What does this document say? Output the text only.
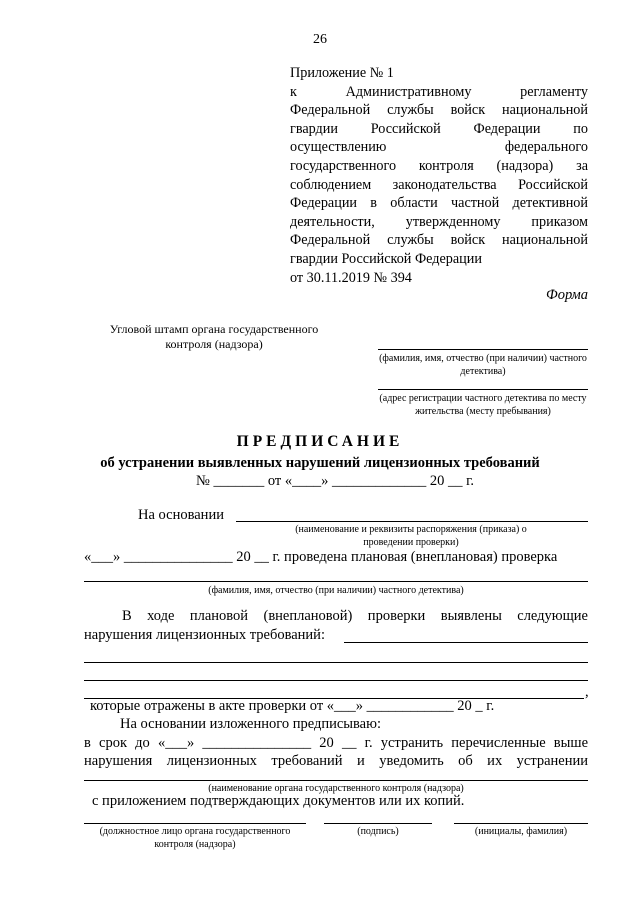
26
Приложение № 1
к Административному регламенту
Федеральной службы войск национальной
гвардии Российской Федерации по
осуществлению федерального
государственного контроля (надзора) за
соблюдением законодательства Российской
Федерации в области частной детективной
деятельности, утвержденному приказом
Федеральной службы войск национальной
гвардии Российской Федерации
от 30.11.2019 № 394
Форма
Угловой штамп органа государственного контроля (надзора)
(фамилия, имя, отчество (при наличии) частного детектива)
(адрес регистрации частного детектива по месту жительства (месту пребывания)
ПРЕДПИСАНИЕ
об устранении выявленных нарушений лицензионных требований
№ _______ от «____» _____________ 20 __ г.
На основании
(наименование и реквизиты распоряжения (приказа) о проведении проверки)
«___» _______________ 20 __ г. проведена плановая (внеплановая) проверка
(фамилия, имя, отчество (при наличии) частного детектива)
В ходе плановой (внеплановой) проверки выявлены следующие
нарушения лицензионных требований:
,
которые отражены в акте проверки от «___» ____________ 20 _ г.
На основании изложенного предписываю:
в срок до «___» _______________ 20 __ г. устранить перечисленные выше
нарушения лицензионных требований и уведомить об их устранении
(наименование органа государственного контроля (надзора)
с приложением подтверждающих документов или их копий.
(должностное лицо органа государственного контроля (надзора)
(подпись)	(инициалы, фамилия)
